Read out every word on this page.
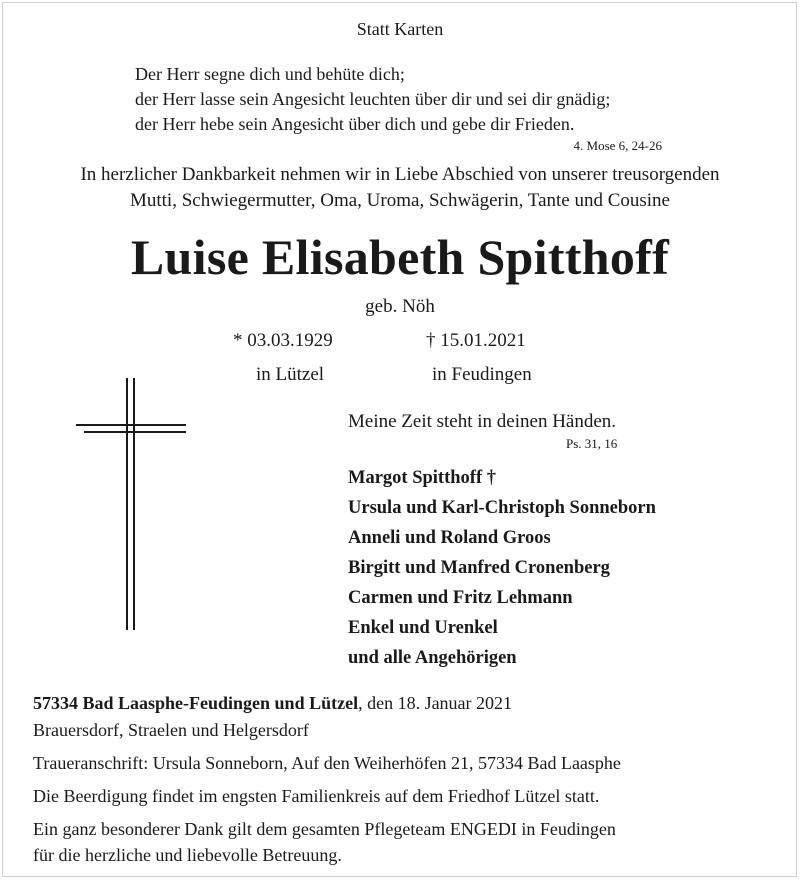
Statt Karten
Der Herr segne dich und behüte dich;
der Herr lasse sein Angesicht leuchten über dir und sei dir gnädig;
der Herr hebe sein Angesicht über dich und gebe dir Frieden.
4. Mose 6, 24-26
In herzlicher Dankbarkeit nehmen wir in Liebe Abschied von unserer treusorgenden
Mutti, Schwiegermutter, Oma, Uroma, Schwägerin, Tante und Cousine
Luise Elisabeth Spitthoff
geb. Nöh
* 03.03.1929	† 15.01.2021
in Lützel	in Feudingen
Meine Zeit steht in deinen Händen.
Ps. 31, 16
Margot Spitthoff †
Ursula und Karl-Christoph Sonneborn
Anneli und Roland Groos
Birgitt und Manfred Cronenberg
Carmen und Fritz Lehmann
Enkel und Urenkel
und alle Angehörigen
57334 Bad Laasphe-Feudingen und Lützel, den 18. Januar 2021
Brauersdorf, Straelen und Helgersdorf
Traueranschrift: Ursula Sonneborn, Auf den Weiherhöfen 21, 57334 Bad Laasphe
Die Beerdigung findet im engsten Familienkreis auf dem Friedhof Lützel statt.
Ein ganz besonderer Dank gilt dem gesamten Pflegeteam ENGEDI in Feudingen
für die herzliche und liebevolle Betreuung.
